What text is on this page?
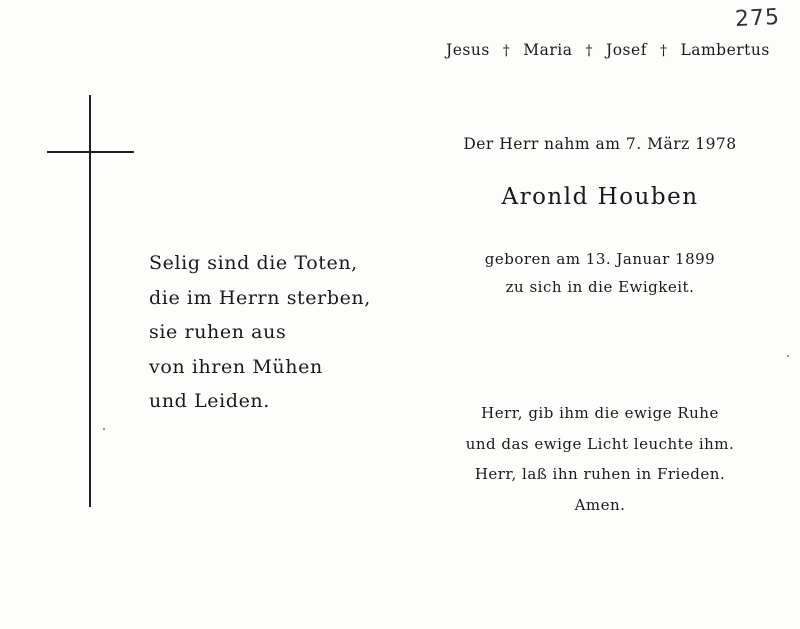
275
Jesus † Maria † Josef † Lambertus
Selig sind die Toten,
die im Herrn sterben,
sie ruhen aus
von ihren Mühen
und Leiden.
Der Herr nahm am 7. März 1978
Aronld Houben
geboren am 13. Januar 1899
zu sich in die Ewigkeit.
Herr, gib ihm die ewige Ruhe
und das ewige Licht leuchte ihm.
Herr, laß ihn ruhen in Frieden.
Amen.
